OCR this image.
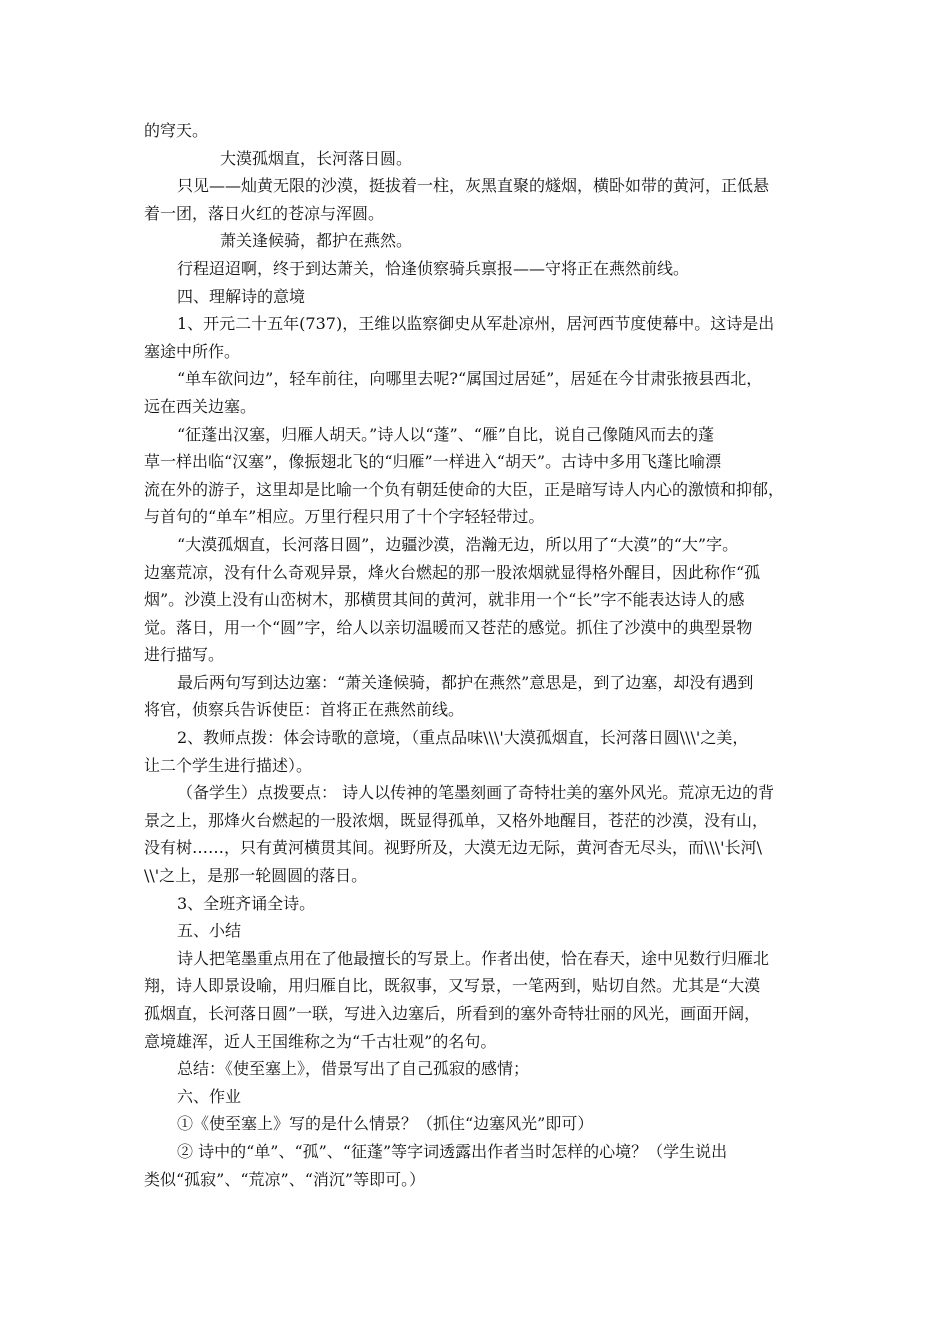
的穹天。
大漠孤烟直，长河落日圆。
只见——灿黄无限的沙漠，挺拔着一柱，灰黑直聚的燧烟，横卧如带的黄河，正低悬
着一团，落日火红的苍凉与浑圆。
萧关逢候骑，都护在燕然。
行程迢迢啊，终于到达萧关，恰逢侦察骑兵禀报——守将正在燕然前线。
四、理解诗的意境
1、开元二十五年(737)，王维以监察御史从军赴凉州，居河西节度使幕中。这诗是出
塞途中所作。
“单车欲问边”，轻车前往，向哪里去呢?“属国过居延”，居延在今甘肃张掖县西北，
远在西关边塞。
“征蓬出汉塞，归雁人胡天。”诗人以“蓬”、“雁”自比，说自己像随风而去的蓬
草一样出临“汉塞”，像振翅北飞的“归雁”一样进入“胡天”。古诗中多用飞蓬比喻漂
流在外的游子，这里却是比喻一个负有朝廷使命的大臣，正是暗写诗人内心的激愤和抑郁，
与首句的“单车”相应。万里行程只用了十个字轻轻带过。
“大漠孤烟直，长河落日圆”，边疆沙漠，浩瀚无边，所以用了“大漠”的“大”字。
边塞荒凉，没有什么奇观异景，烽火台燃起的那一股浓烟就显得格外醒目，因此称作“孤
烟”。沙漠上没有山峦树木，那横贯其间的黄河，就非用一个“长”字不能表达诗人的感
觉。落日，用一个“圆”字，给人以亲切温暖而又苍茫的感觉。抓住了沙漠中的典型景物
进行描写。
最后两句写到达边塞：“萧关逢候骑，都护在燕然”意思是，到了边塞，却没有遇到
将官，侦察兵告诉使臣：首将正在燕然前线。
2、教师点拨：体会诗歌的意境，（重点品味\\\'大漠孤烟直，长河落日圆\\\'之美，
让二个学生进行描述）。
（备学生）点拨要点： 诗人以传神的笔墨刻画了奇特壮美的塞外风光。荒凉无边的背
景之上，那烽火台燃起的一股浓烟，既显得孤单，又格外地醒目，苍茫的沙漠，没有山，
没有树……，只有黄河横贯其间。视野所及，大漠无边无际，黄河杳无尽头，而\\\'长河\
\\'之上，是那一轮圆圆的落日。
3、全班齐诵全诗。
五、小结
诗人把笔墨重点用在了他最擅长的写景上。作者出使，恰在春天，途中见数行归雁北
翔，诗人即景设喻，用归雁自比，既叙事，又写景，一笔两到，贴切自然。尤其是“大漠
孤烟直，长河落日圆”一联，写进入边塞后，所看到的塞外奇特壮丽的风光，画面开阔，
意境雄浑，近人王国维称之为“千古壮观”的名句。
总结：《使至塞上》，借景写出了自己孤寂的感情；
六、作业
①《使至塞上》写的是什么情景？（抓住“边塞风光”即可）
② 诗中的“单”、“孤”、“征蓬”等字词透露出作者当时怎样的心境？（学生说出
类似“孤寂”、“荒凉”、“消沉”等即可。）
